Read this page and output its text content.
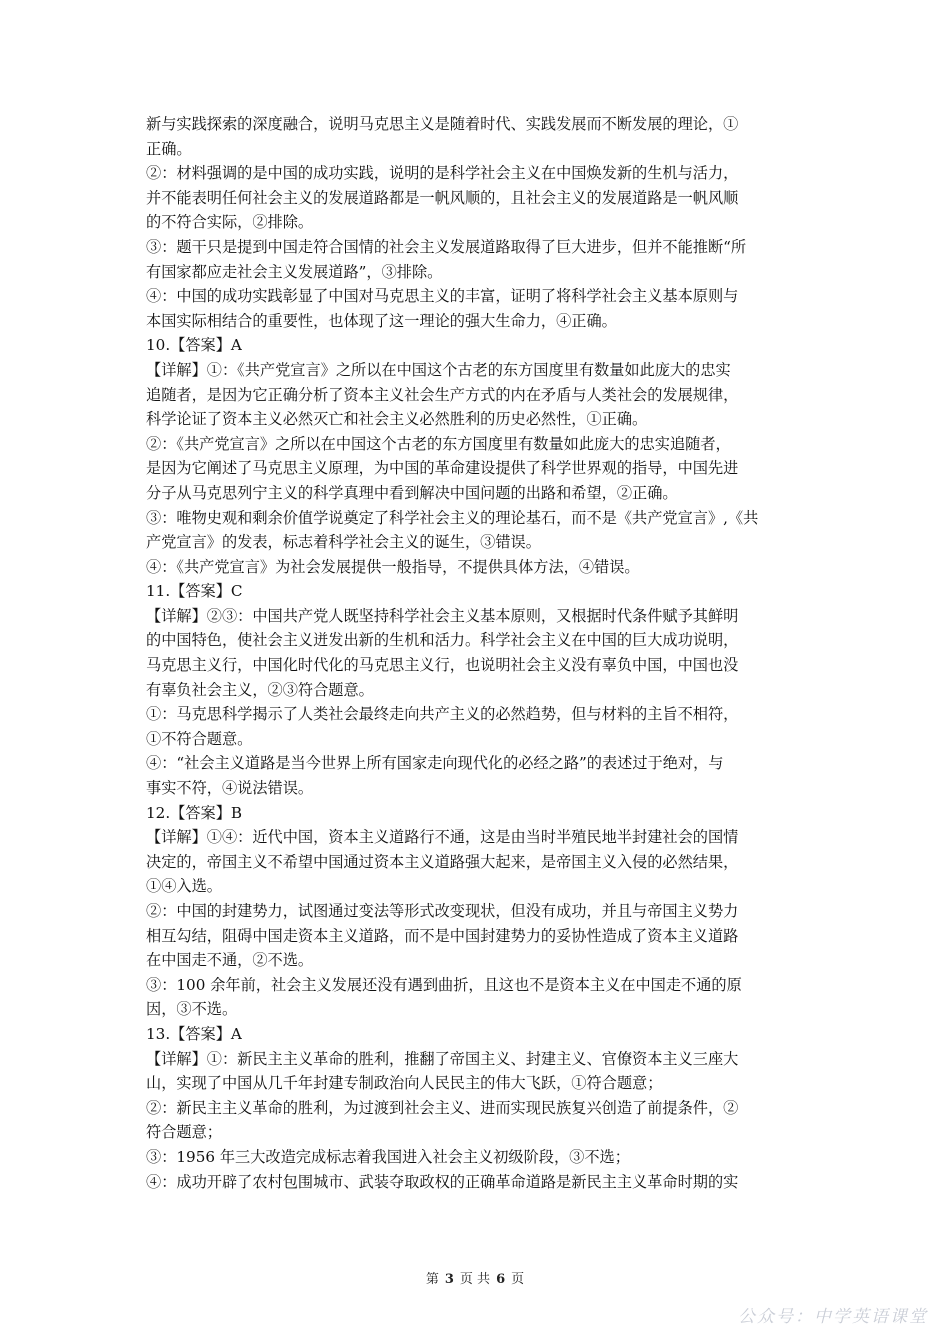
新与实践探索的深度融合，说明马克思主义是随着时代、实践发展而不断发展的理论，①
正确。
②：材料强调的是中国的成功实践，说明的是科学社会主义在中国焕发新的生机与活力，
并不能表明任何社会主义的发展道路都是一帆风顺的，且社会主义的发展道路是一帆风顺
的不符合实际，②排除。
③：题干只是提到中国走符合国情的社会主义发展道路取得了巨大进步，但并不能推断“所
有国家都应走社会主义发展道路”，③排除。
④：中国的成功实践彰显了中国对马克思主义的丰富，证明了将科学社会主义基本原则与
本国实际相结合的重要性，也体现了这一理论的强大生命力，④正确。
10.【答案】A
【详解】①：《共产党宣言》之所以在中国这个古老的东方国度里有数量如此庞大的忠实
追随者，是因为它正确分析了资本主义社会生产方式的内在矛盾与人类社会的发展规律，
科学论证了资本主义必然灭亡和社会主义必然胜利的历史必然性，①正确。
②：《共产党宣言》之所以在中国这个古老的东方国度里有数量如此庞大的忠实追随者，
是因为它阐述了马克思主义原理，为中国的革命建设提供了科学世界观的指导，中国先进
分子从马克思列宁主义的科学真理中看到解决中国问题的出路和希望，②正确。
③：唯物史观和剩余价值学说奠定了科学社会主义的理论基石，而不是《共产党宣言》,《共
产党宣言》的发表，标志着科学社会主义的诞生，③错误。
④：《共产党宣言》为社会发展提供一般指导，不提供具体方法，④错误。
11.【答案】C
【详解】②③：中国共产党人既坚持科学社会主义基本原则，又根据时代条件赋予其鲜明
的中国特色，使社会主义迸发出新的生机和活力。科学社会主义在中国的巨大成功说明，
马克思主义行，中国化时代化的马克思主义行，也说明社会主义没有辜负中国，中国也没
有辜负社会主义，②③符合题意。
①：马克思科学揭示了人类社会最终走向共产主义的必然趋势，但与材料的主旨不相符，
①不符合题意。
④：“社会主义道路是当今世界上所有国家走向现代化的必经之路”的表述过于绝对，与
事实不符，④说法错误。
12.【答案】B
【详解】①④：近代中国，资本主义道路行不通，这是由当时半殖民地半封建社会的国情
决定的，帝国主义不希望中国通过资本主义道路强大起来，是帝国主义入侵的必然结果，
①④入选。
②：中国的封建势力，试图通过变法等形式改变现状，但没有成功，并且与帝国主义势力
相互勾结，阻碍中国走资本主义道路，而不是中国封建势力的妥协性造成了资本主义道路
在中国走不通，②不选。
③：100 余年前，社会主义发展还没有遇到曲折，且这也不是资本主义在中国走不通的原
因，③不选。
13.【答案】A
【详解】①：新民主主义革命的胜利，推翻了帝国主义、封建主义、官僚资本主义三座大
山，实现了中国从几千年封建专制政治向人民民主的伟大飞跃，①符合题意；
②：新民主主义革命的胜利，为过渡到社会主义、进而实现民族复兴创造了前提条件，②
符合题意；
③：1956 年三大改造完成标志着我国进入社会主义初级阶段，③不选；
④：成功开辟了农村包围城市、武装夺取政权的正确革命道路是新民主主义革命时期的实
第 3 页 共 6 页
公众号：中学英语课堂
